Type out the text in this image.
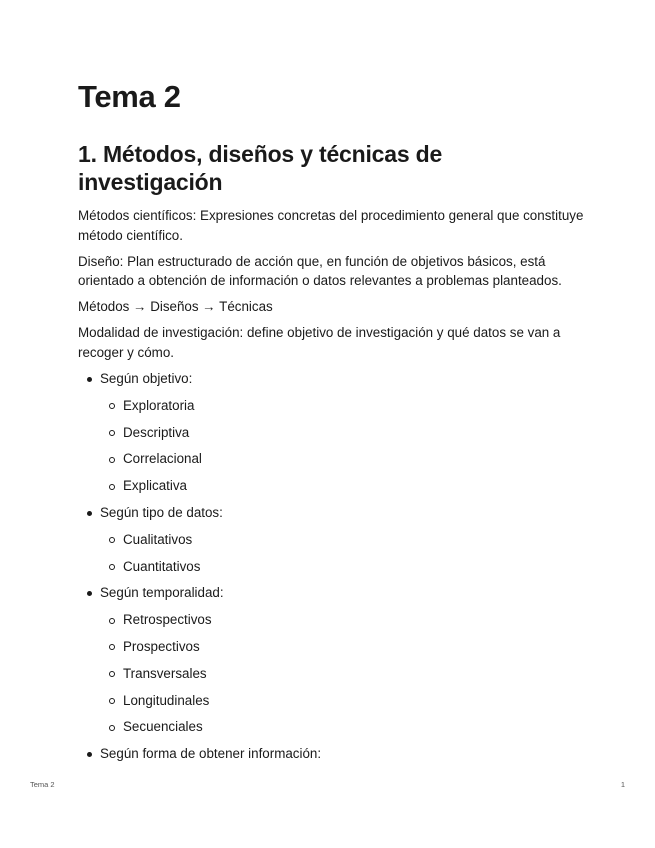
Tema 2
1. Métodos, diseños y técnicas de investigación

Métodos científicos: Expresiones concretas del procedimiento general que constituye método científico.

Diseño: Plan estructurado de acción que, en función de objetivos básicos, está orientado a obtención de información o datos relevantes a problemas planteados.

Métodos → Diseños → Técnicas

Modalidad de investigación: define objetivo de investigación y qué datos se van a recoger y cómo.

Según objetivo:
Exploratoria
Descriptiva
Correlacional
Explicativa
Según tipo de datos:
Cualitativos
Cuantitativos
Según temporalidad:
Retrospectivos
Prospectivos
Transversales
Longitudinales
Secuenciales
Según forma de obtener información:
Tema 2	1
